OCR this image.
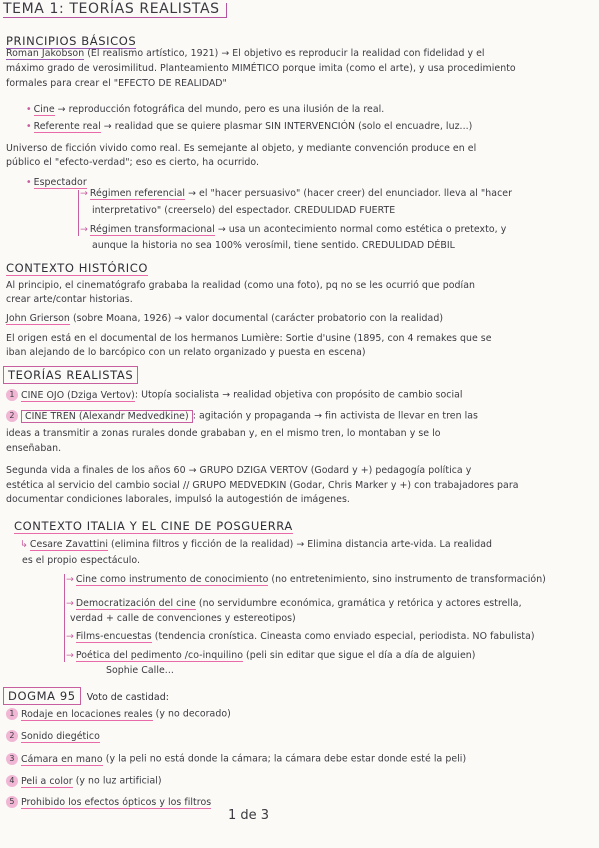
TEMA 1: TEORÍAS REALISTAS
PRINCIPIOS BÁSICOS
Roman Jakobson (El realismo artístico, 1921) → El objetivo es reproducir la realidad con fidelidad y el
máximo grado de verosimilitud. Planteamiento MIMÉTICO porque imita (como el arte), y usa procedimiento
formales para crear el "EFECTO DE REALIDAD"
• Cine → reproducción fotográfica del mundo, pero es una ilusión de la real.
• Referente real → realidad que se quiere plasmar SIN INTERVENCIÓN (solo el encuadre, luz...)
Universo de ficción vivido como real. Es semejante al objeto, y mediante convención produce en el
público el "efecto-verdad"; eso es cierto, ha ocurrido.
• Espectador
→ Régimen referencial → el "hacer persuasivo" (hacer creer) del enunciador. lleva al "hacer
interpretativo" (creerselo) del espectador. CREDULIDAD FUERTE
→ Régimen transformacional → usa un acontecimiento normal como estética o pretexto, y
aunque la historia no sea 100% verosímil, tiene sentido. CREDULIDAD DÉBIL
CONTEXTO HISTÓRICO
Al principio, el cinematógrafo grababa la realidad (como una foto), pq no se les ocurrió que podían
crear arte/contar historias.
John Grierson (sobre Moana, 1926) → valor documental (carácter probatorio con la realidad)
El origen está en el documental de los hermanos Lumière: Sortie d'usine (1895, con 4 remakes que se
iban alejando de lo barcópico con un relato organizado y puesta en escena)
TEORÍAS REALISTAS
1 CINE OJO (Dziga Vertov): Utopía socialista → realidad objetiva con propósito de cambio social
2 CINE TREN (Alexandr Medvedkine) : agitación y propaganda → fin activista de llevar en tren las
ideas a transmitir a zonas rurales donde grababan y, en el mismo tren, lo montaban y se lo
enseñaban.
Segunda vida a finales de los años 60 → GRUPO DZIGA VERTOV (Godard y +) pedagogía política y
estética al servicio del cambio social // GRUPO MEDVEDKIN (Godar, Chris Marker y +) con trabajadores para
documentar condiciones laborales, impulsó la autogestión de imágenes.
CONTEXTO ITALIA Y EL CINE DE POSGUERRA
↳ Cesare Zavattini (elimina filtros y ficción de la realidad) → Elimina distancia arte-vida. La realidad
es el propio espectáculo.
→ Cine como instrumento de conocimiento (no entretenimiento, sino instrumento de transformación)
→ Democratización del cine (no servidumbre económica, gramática y retórica y actores estrella,
verdad + calle de convenciones y estereotipos)
→ Films-encuestas (tendencia cronística. Cineasta como enviado especial, periodista. NO fabulista)
→ Poética del pedimento /co-inquilino (peli sin editar que sigue el día a día de alguien)
Sophie Calle...
DOGMA 95 Voto de castidad:
1 Rodaje en locaciones reales (y no decorado)
2 Sonido diegético
3 Cámara en mano (y la peli no está donde la cámara; la cámara debe estar donde esté la peli)
4 Peli a color (y no luz artificial)
5 Prohibido los efectos ópticos y los filtros
1 de 3
